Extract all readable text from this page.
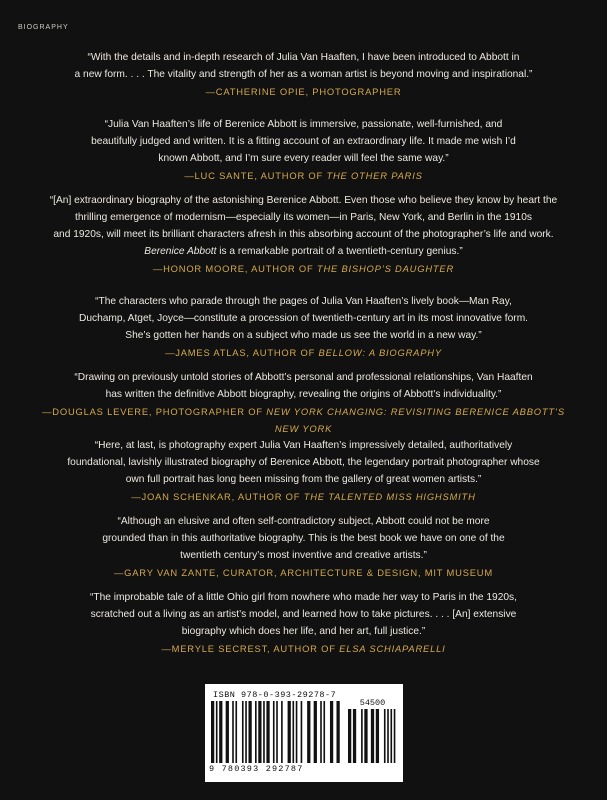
BIOGRAPHY

“With the details and in-depth research of Julia Van Haaften, I have been introduced to Abbott in

a new form. . . . The vitality and strength of her as a woman artist is beyond moving and inspirational.”

—CATHERINE OPIE, PHOTOGRAPHER

“Julia Van Haaften’s life of Berenice Abbott is immersive, passionate, well-furnished, and

beautifully judged and written. It is a fitting account of an extraordinary life. It made me wish I’d

known Abbott, and I’m sure every reader will feel the same way.”

—LUC SANTE, AUTHOR OF THE OTHER PARIS

“[An] extraordinary biography of the astonishing Berenice Abbott. Even those who believe they know by heart the

thrilling emergence of modernism—especially its women—in Paris, New York, and Berlin in the 1910s

and 1920s, will meet its brilliant characters afresh in this absorbing account of the photographer’s life and work.

Berenice Abbott is a remarkable portrait of a twentieth-century genius.”

—HONOR MOORE, AUTHOR OF THE BISHOP’S DAUGHTER

“The characters who parade through the pages of Julia Van Haaften’s lively book—Man Ray,

Duchamp, Atget, Joyce—constitute a procession of twentieth-century art in its most innovative form.

She’s gotten her hands on a subject who made us see the world in a new way.”

—JAMES ATLAS, AUTHOR OF BELLOW: A BIOGRAPHY

“Drawing on previously untold stories of Abbott’s personal and professional relationships, Van Haaften

has written the definitive Abbott biography, revealing the origins of Abbott’s individuality.”

—DOUGLAS LEVERE, PHOTOGRAPHER OF NEW YORK CHANGING: REVISITING BERENICE ABBOTT’S NEW YORK

“Here, at last, is photography expert Julia Van Haaften’s impressively detailed, authoritatively

foundational, lavishly illustrated biography of Berenice Abbott, the legendary portrait photographer whose

own full portrait has long been missing from the gallery of great women artists.”

—JOAN SCHENKAR, AUTHOR OF THE TALENTED MISS HIGHSMITH

“Although an elusive and often self-contradictory subject, Abbott could not be more

grounded than in this authoritative biography. This is the best book we have on one of the

twentieth century’s most inventive and creative artists.”

—GARY VAN ZANTE, CURATOR, ARCHITECTURE & DESIGN, MIT MUSEUM

“The improbable tale of a little Ohio girl from nowhere who made her way to Paris in the 1920s,

scratched out a living as an artist’s model, and learned how to take pictures. . . . [An] extensive

biography which does her life, and her art, full justice.”

—MERYLE SECREST, AUTHOR OF ELSA SCHIAPARELLI

ISBN 978-0-393-29278-7
54500
9 780393 292787
